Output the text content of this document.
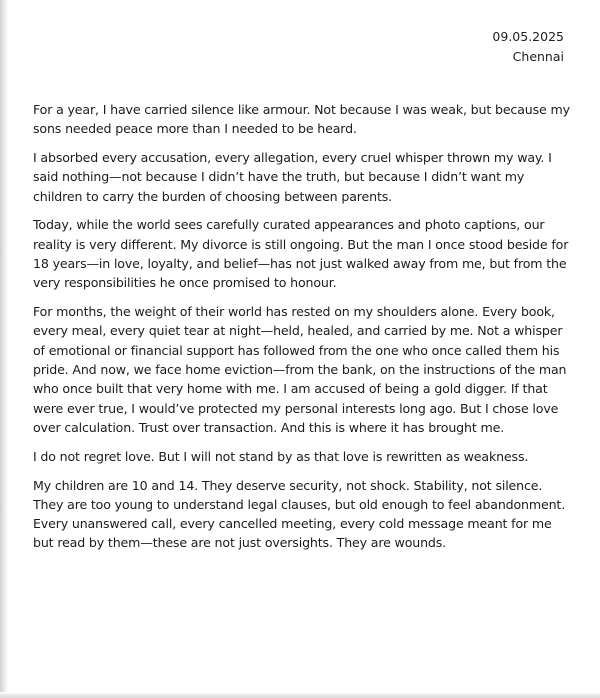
09.05.2025
Chennai

For a year, I have carried silence like armour. Not because I was weak, but because my sons needed peace more than I needed to be heard.

I absorbed every accusation, every allegation, every cruel whisper thrown my way. I said nothing—not because I didn’t have the truth, but because I didn’t want my children to carry the burden of choosing between parents.

Today, while the world sees carefully curated appearances and photo captions, our reality is very different. My divorce is still ongoing. But the man I once stood beside for 18 years—in love, loyalty, and belief—has not just walked away from me, but from the very responsibilities he once promised to honour.

For months, the weight of their world has rested on my shoulders alone. Every book, every meal, every quiet tear at night—held, healed, and carried by me. Not a whisper of emotional or financial support has followed from the one who once called them his pride. And now, we face home eviction—from the bank, on the instructions of the man who once built that very home with me. I am accused of being a gold digger. If that were ever true, I would’ve protected my personal interests long ago. But I chose love over calculation. Trust over transaction. And this is where it has brought me.

I do not regret love. But I will not stand by as that love is rewritten as weakness.

My children are 10 and 14. They deserve security, not shock. Stability, not silence. They are too young to understand legal clauses, but old enough to feel abandonment. Every unanswered call, every cancelled meeting, every cold message meant for me but read by them—these are not just oversights. They are wounds.
